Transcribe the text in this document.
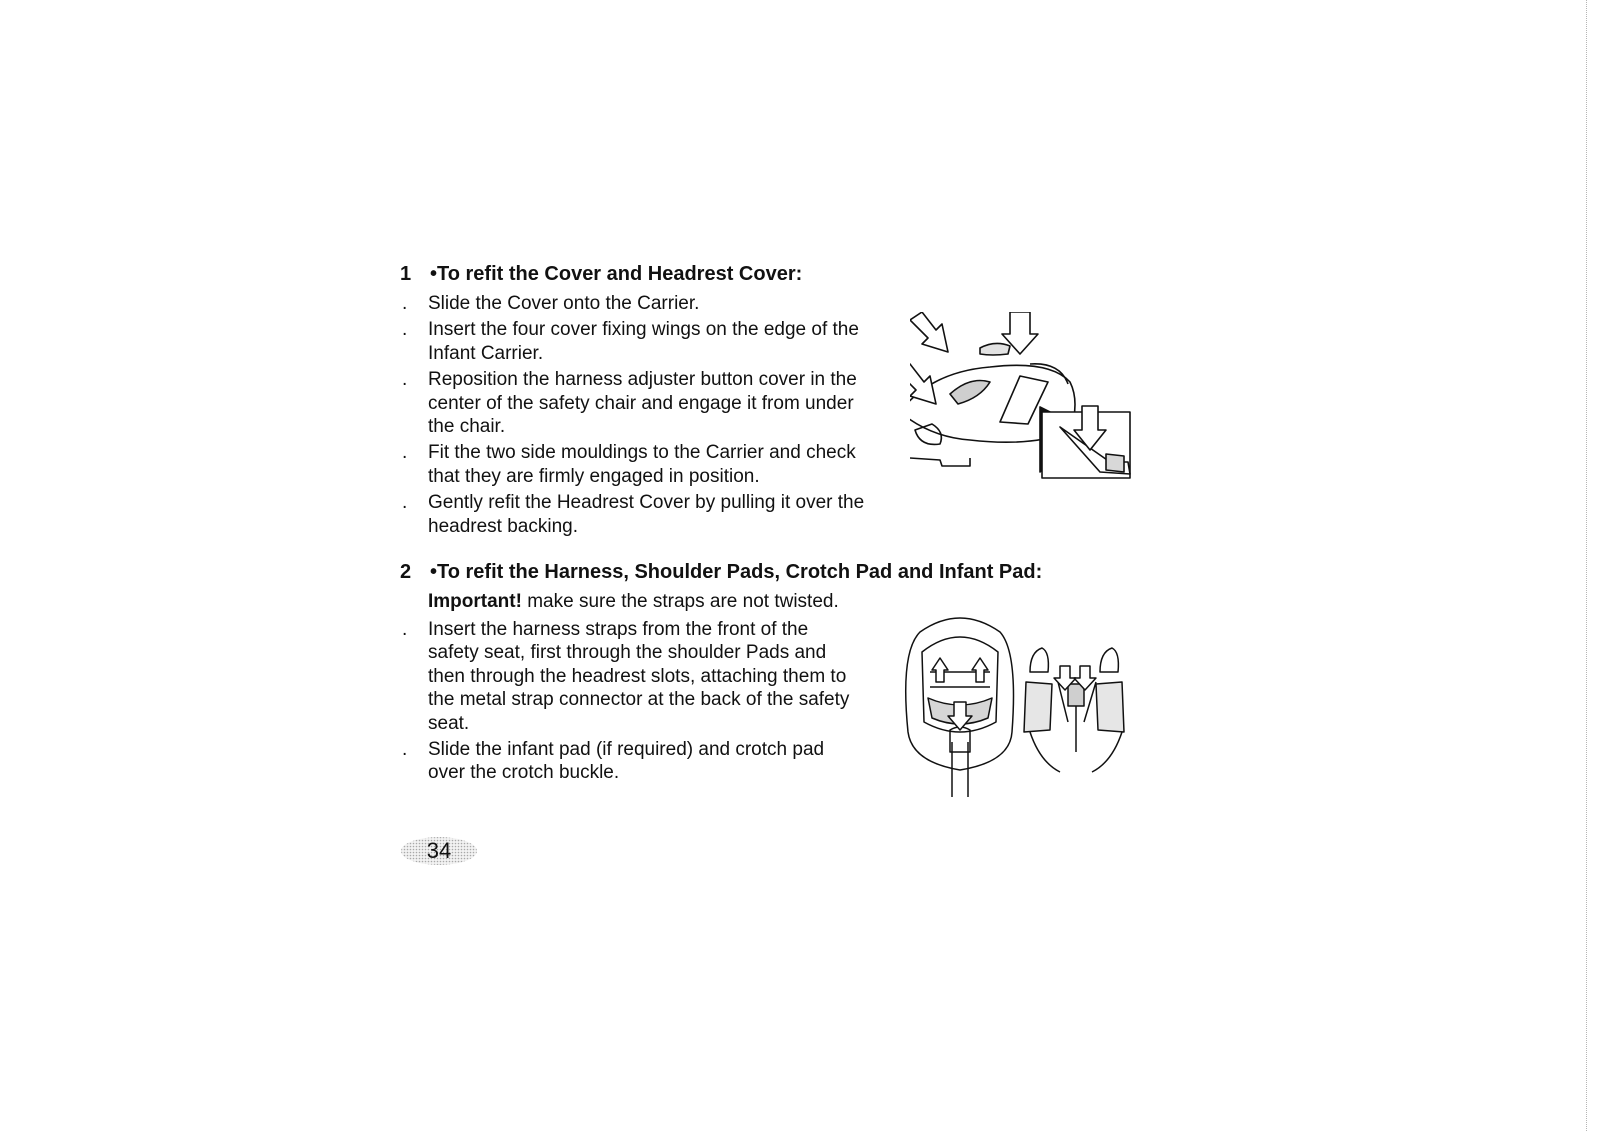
1 •To refit the Cover and Headrest Cover:
. Slide the Cover onto the Carrier.
. Insert the four cover fixing wings on the edge of the Infant Carrier.
. Reposition the harness adjuster button cover in the center of the safety chair and engage it from under the chair.
. Fit the two side mouldings to the Carrier and check that they are firmly engaged in position.
. Gently refit the Headrest Cover by pulling it over the headrest backing.
2 •To refit the Harness, Shoulder Pads, Crotch Pad and Infant Pad:
Important! make sure the straps are not twisted.
. Insert the harness straps from the front of the safety seat, first through the shoulder Pads and then through the headrest slots, attaching them to the metal strap connector at the back of the safety seat.
. Slide the infant pad (if required) and crotch pad over the crotch buckle.
34
